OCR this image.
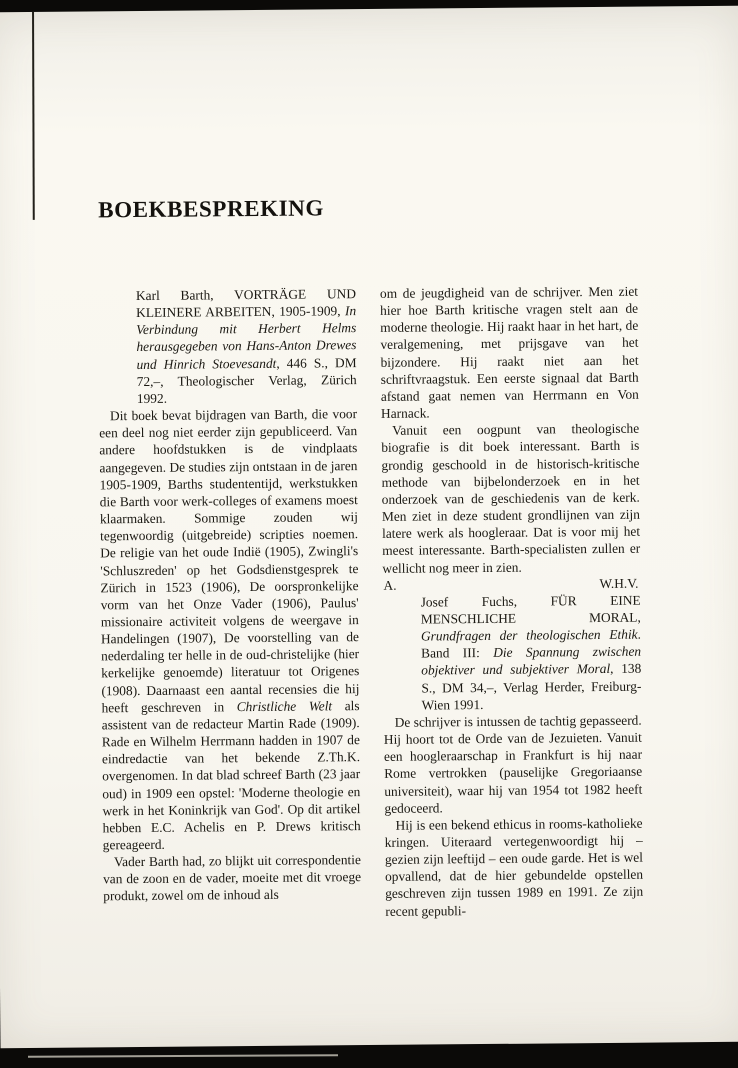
BOEKBESPREKING

Karl Barth, VORTRÄGE UND KLEINERE ARBEITEN, 1905-1909, In Verbindung mit Herbert Helms herausgegeben von Hans-Anton Drewes und Hinrich Stoevesandt, 446 S., DM 72,–, Theologischer Verlag, Zürich 1992.

Dit boek bevat bijdragen van Barth, die voor een deel nog niet eerder zijn gepubliceerd. Van andere hoofdstukken is de vindplaats aangegeven. De studies zijn ontstaan in de jaren 1905-1909, Barths studententijd, werkstukken die Barth voor werk-colleges of examens moest klaarmaken. Sommige zouden wij tegenwoordig (uitgebreide) scripties noemen. De religie van het oude Indië (1905), Zwingli's 'Schluszreden' op het Godsdienstgesprek te Zürich in 1523 (1906), De oorspronkelijke vorm van het Onze Vader (1906), Paulus' missionaire activiteit volgens de weergave in Handelingen (1907), De voorstelling van de nederdaling ter helle in de oud-christelijke (hier kerkelijke genoemde) literatuur tot Origenes (1908). Daarnaast een aantal recensies die hij heeft geschreven in Christliche Welt als assistent van de redacteur Martin Rade (1909). Rade en Wilhelm Herrmann hadden in 1907 de eindredactie van het bekende Z.Th.K. overgenomen. In dat blad schreef Barth (23 jaar oud) in 1909 een opstel: 'Moderne theologie en werk in het Koninkrijk van God'. Op dit artikel hebben E.C. Achelis en P. Drews kritisch gereageerd.

Vader Barth had, zo blijkt uit correspondentie van de zoon en de vader, moeite met dit vroege produkt, zowel om de inhoud als

om de jeugdigheid van de schrijver. Men ziet hier hoe Barth kritische vragen stelt aan de moderne theologie. Hij raakt haar in het hart, de veralgemening, met prijsgave van het bijzondere. Hij raakt niet aan het schriftvraagstuk. Een eerste signaal dat Barth afstand gaat nemen van Herrmann en Von Harnack.

Vanuit een oogpunt van theologische biografie is dit boek interessant. Barth is grondig geschoold in de historisch-kritische methode van bijbelonderzoek en in het onderzoek van de geschiedenis van de kerk. Men ziet in deze student grondlijnen van zijn latere werk als hoogleraar. Dat is voor mij het meest interessante. Barth-specialisten zullen er wellicht nog meer in zien.

A.	W.H.V.

Josef Fuchs, FÜR EINE MENSCHLICHE MORAL, Grundfragen der theologischen Ethik. Band III: Die Spannung zwischen objektiver und subjektiver Moral, 138 S., DM 34,–, Verlag Herder, Freiburg-Wien 1991.

De schrijver is intussen de tachtig gepasseerd. Hij hoort tot de Orde van de Jezuieten. Vanuit een hoogleraarschap in Frankfurt is hij naar Rome vertrokken (pauselijke Gregoriaanse universiteit), waar hij van 1954 tot 1982 heeft gedoceerd.

Hij is een bekend ethicus in rooms-katholieke kringen. Uiteraard vertegenwoordigt hij – gezien zijn leeftijd – een oude garde. Het is wel opvallend, dat de hier gebundelde opstellen geschreven zijn tussen 1989 en 1991. Ze zijn recent gepubli-
